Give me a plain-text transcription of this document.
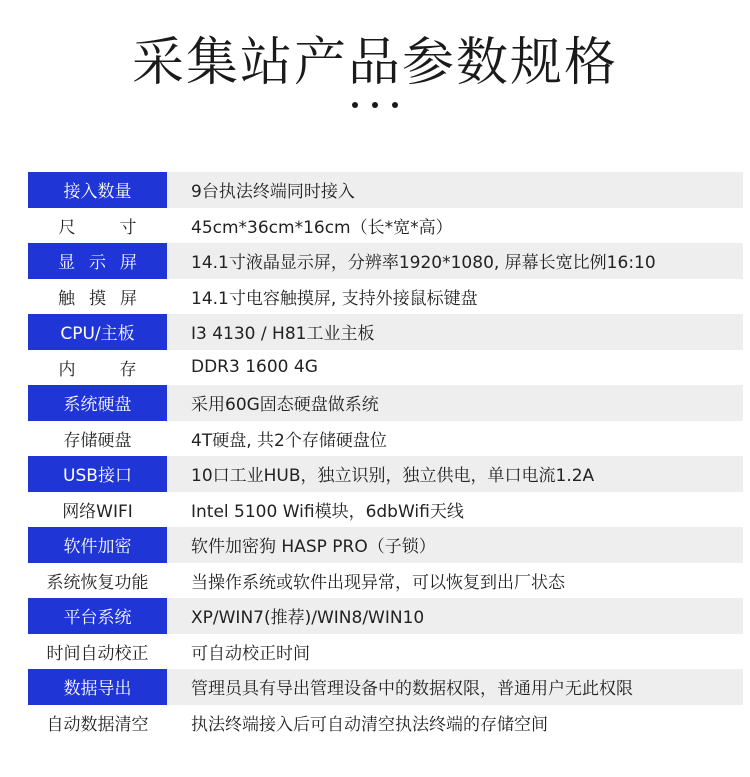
采集站产品参数规格
接入数量	9台执法终端同时接入
尺寸 45cm*36cm*16cm（长*宽*高）
显示屏	14.1寸液晶显示屏，分辨率1920*1080, 屏幕长宽比例16:10
触摸屏	14.1寸电容触摸屏, 支持外接鼠标键盘
CPU/主板	I3 4130 / H81工业主板
内存 DDR3 1600 4G
系统硬盘	采用60G固态硬盘做系统
存储硬盘	4T硬盘, 共2个存储硬盘位
USB接口	10口工业HUB，独立识别，独立供电，单口电流1.2A
网络WIFI	Intel 5100 Wifi模块，6dbWifi天线
软件加密	软件加密狗 HASP PRO（子锁）
系统恢复功能	当操作系统或软件出现异常，可以恢复到出厂状态
平台系统	XP/WIN7(推荐)/WIN8/WIN10
时间自动校正	可自动校正时间
数据导出	管理员具有导出管理设备中的数据权限，普通用户无此权限
自动数据清空	执法终端接入后可自动清空执法终端的存储空间
